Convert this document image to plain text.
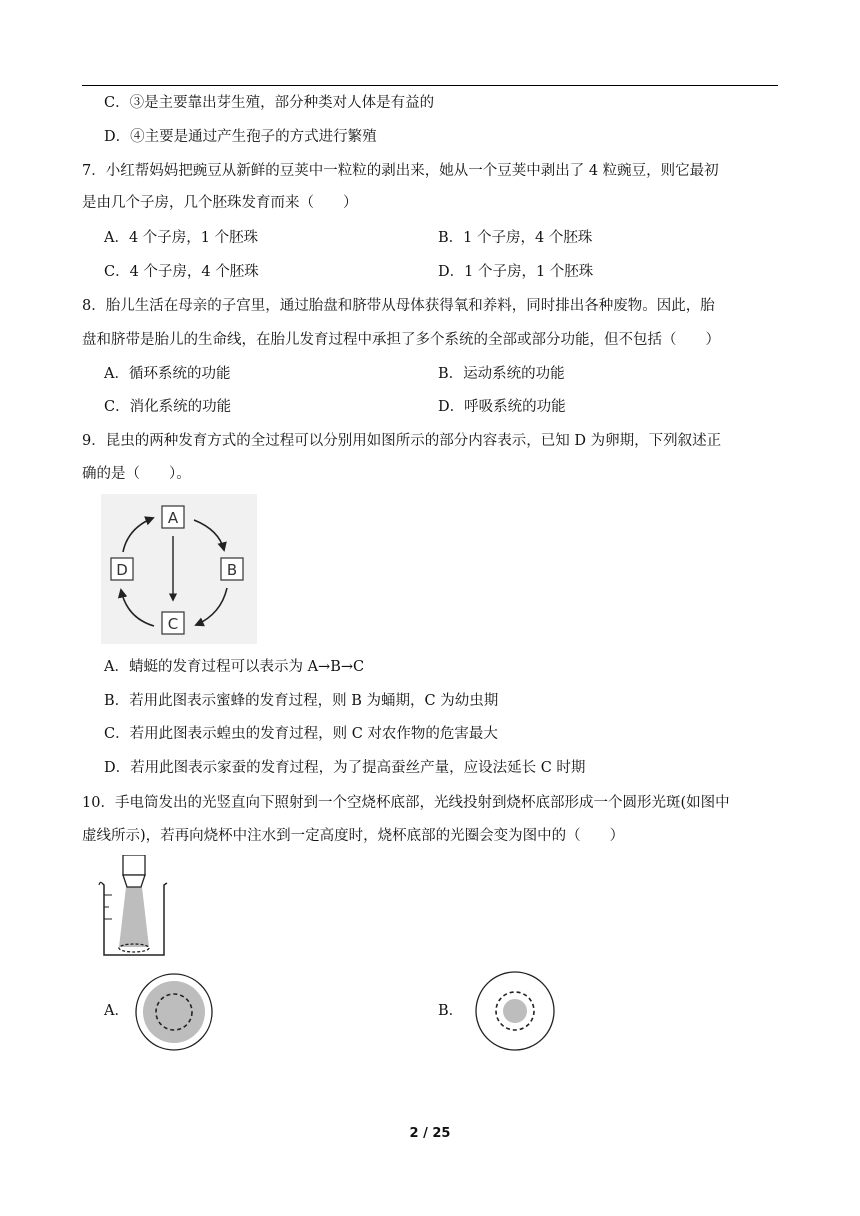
C．③是主要靠出芽生殖，部分种类对人体是有益的
D．④主要是通过产生孢子的方式进行繁殖
7．小红帮妈妈把豌豆从新鲜的豆荚中一粒粒的剥出来，她从一个豆荚中剥出了 4 粒豌豆，则它最初
是由几个子房，几个胚珠发育而来（　　）
A．4 个子房，1 个胚珠	B．1 个子房，4 个胚珠
C．4 个子房，4 个胚珠	D．1 个子房，1 个胚珠
8．胎儿生活在母亲的子宫里，通过胎盘和脐带从母体获得氧和养料，同时排出各种废物。因此，胎
盘和脐带是胎儿的生命线，在胎儿发育过程中承担了多个系统的全部或部分功能，但不包括（　　）
A．循环系统的功能	B．运动系统的功能
C．消化系统的功能	D．呼吸系统的功能
9．昆虫的两种发育方式的全过程可以分别用如图所示的部分内容表示，已知 D 为卵期，下列叙述正
确的是（　　）。
A
B
C
D
A．蜻蜓的发育过程可以表示为 A→B→C
B．若用此图表示蜜蜂的发育过程，则 B 为蛹期，C 为幼虫期
C．若用此图表示蝗虫的发育过程，则 C 对农作物的危害最大
D．若用此图表示家蚕的发育过程，为了提高蚕丝产量，应设法延长 C 时期
10．手电筒发出的光竖直向下照射到一个空烧杯底部，光线投射到烧杯底部形成一个圆形光斑(如图中
虚线所示)，若再向烧杯中注水到一定高度时，烧杯底部的光圈会变为图中的（　　）
A．	B．
2 / 25
